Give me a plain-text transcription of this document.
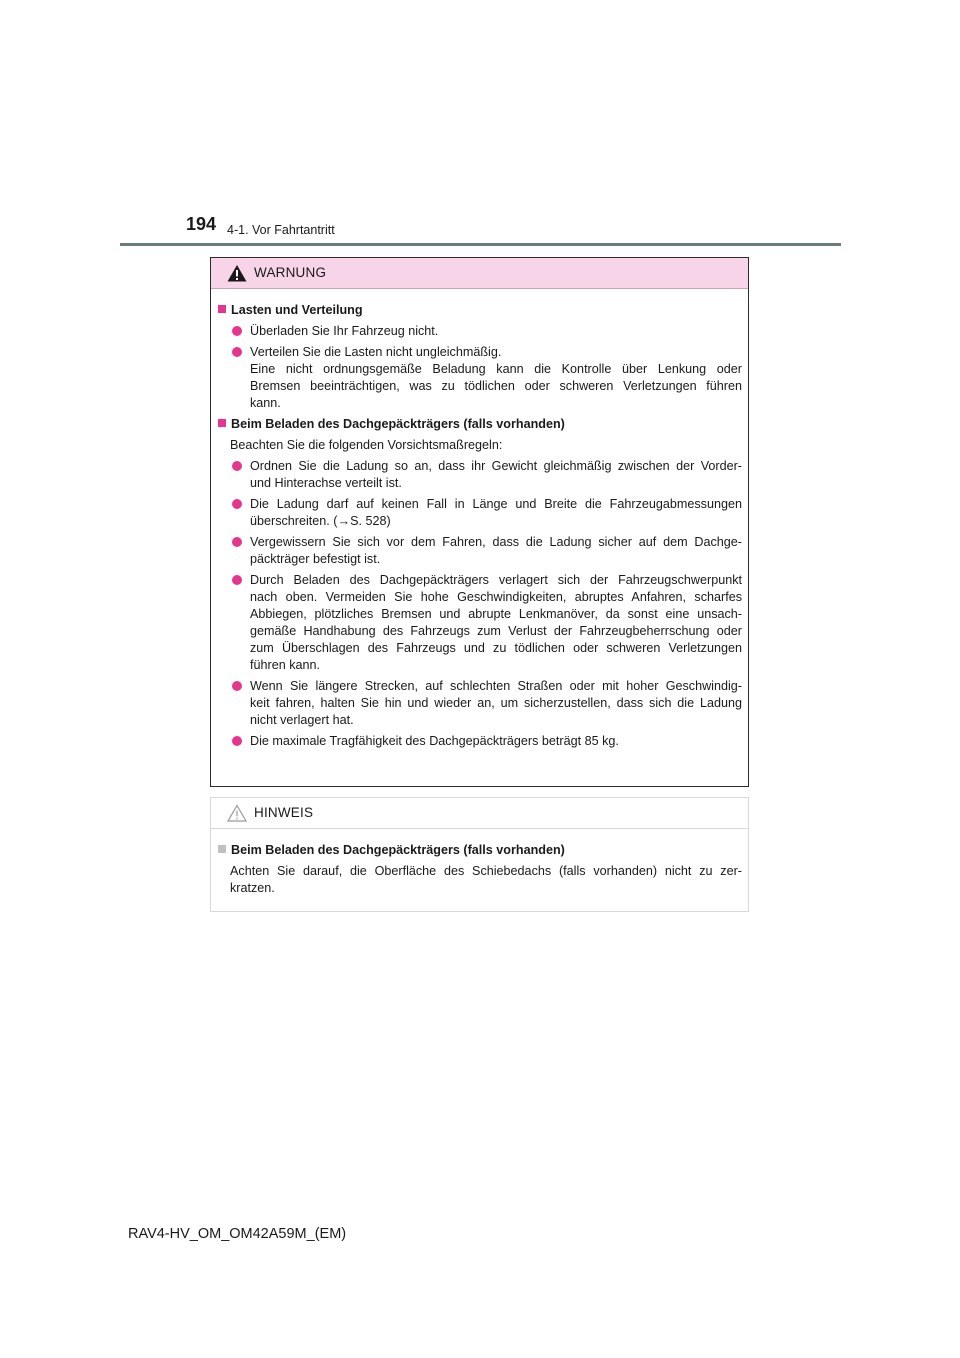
194 4-1. Vor Fahrtantritt
WARNUNG
Lasten und Verteilung
Überladen Sie Ihr Fahrzeug nicht.
Verteilen Sie die Lasten nicht ungleichmäßig.
Eine nicht ordnungsgemäße Beladung kann die Kontrolle über Lenkung oder
Bremsen beeinträchtigen, was zu tödlichen oder schweren Verletzungen führen
kann.
Beim Beladen des Dachgepäckträgers (falls vorhanden)
Beachten Sie die folgenden Vorsichtsmaßregeln:
Ordnen Sie die Ladung so an, dass ihr Gewicht gleichmäßig zwischen der Vorder-
und Hinterachse verteilt ist.
Die Ladung darf auf keinen Fall in Länge und Breite die Fahrzeugabmessungen
überschreiten. (→S. 528)
Vergewissern Sie sich vor dem Fahren, dass die Ladung sicher auf dem Dachge-
päckträger befestigt ist.
Durch Beladen des Dachgepäckträgers verlagert sich der Fahrzeugschwerpunkt
nach oben. Vermeiden Sie hohe Geschwindigkeiten, abruptes Anfahren, scharfes
Abbiegen, plötzliches Bremsen und abrupte Lenkmanöver, da sonst eine unsach-
gemäße Handhabung des Fahrzeugs zum Verlust der Fahrzeugbeherrschung oder
zum Überschlagen des Fahrzeugs und zu tödlichen oder schweren Verletzungen
führen kann.
Wenn Sie längere Strecken, auf schlechten Straßen oder mit hoher Geschwindig-
keit fahren, halten Sie hin und wieder an, um sicherzustellen, dass sich die Ladung
nicht verlagert hat.
Die maximale Tragfähigkeit des Dachgepäckträgers beträgt 85 kg.
HINWEIS
Beim Beladen des Dachgepäckträgers (falls vorhanden)
Achten Sie darauf, die Oberfläche des Schiebedachs (falls vorhanden) nicht zu zer-
kratzen.
RAV4-HV_OM_OM42A59M_(EM)
